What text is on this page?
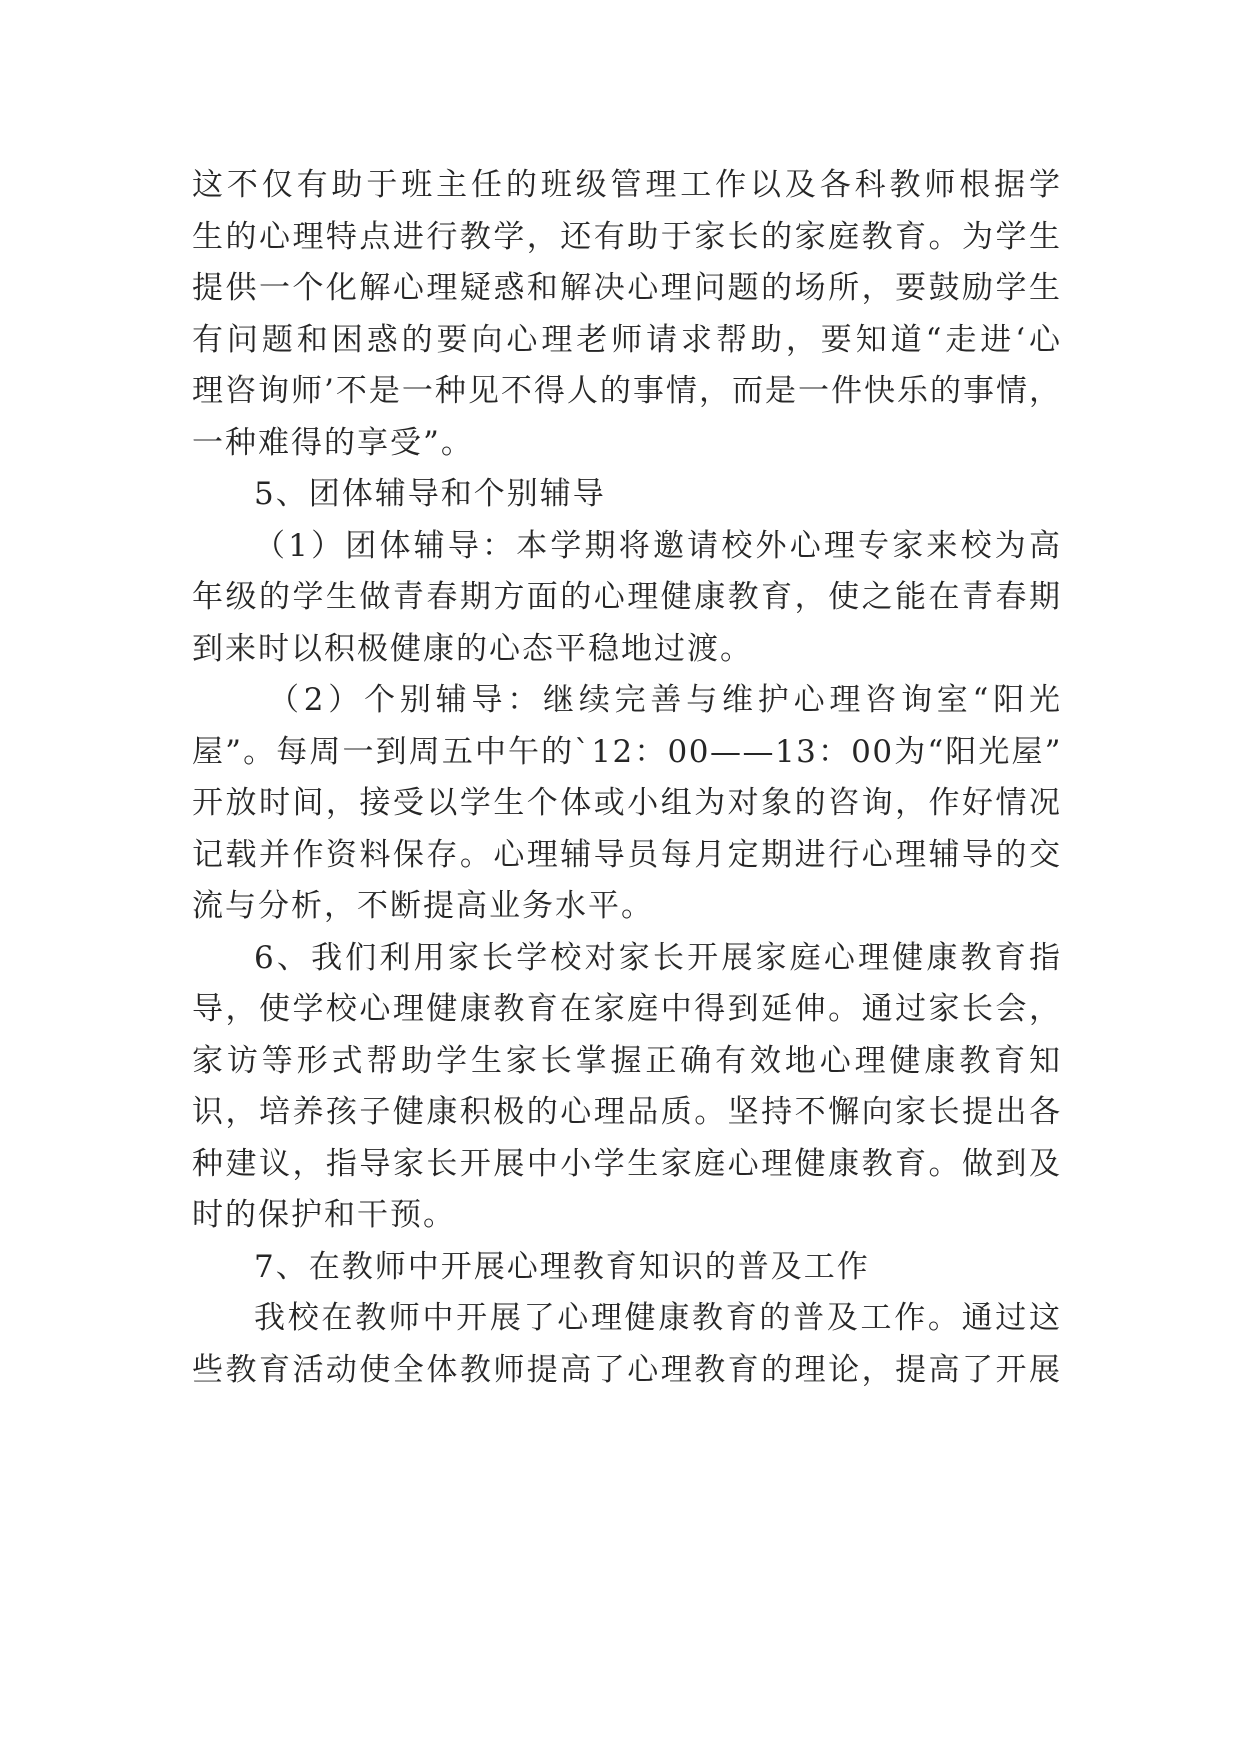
这不仅有助于班主任的班级管理工作以及各科教师根据学
生的心理特点进行教学，还有助于家长的家庭教育。为学生
提供一个化解心理疑惑和解决心理问题的场所，要鼓励学生
有问题和困惑的要向心理老师请求帮助，要知道“走进‘心
理咨询师’不是一种见不得人的事情，而是一件快乐的事情，
一种难得的享受”。
5、团体辅导和个别辅导
（1）团体辅导：本学期将邀请校外心理专家来校为高
年级的学生做青春期方面的心理健康教育，使之能在青春期
到来时以积极健康的心态平稳地过渡。
（2）个别辅导：继续完善与维护心理咨询室“阳光
屋”。每周一到周五中午的`12：00——13：00为“阳光屋”
开放时间，接受以学生个体或小组为对象的咨询，作好情况
记载并作资料保存。心理辅导员每月定期进行心理辅导的交
流与分析，不断提高业务水平。
6、我们利用家长学校对家长开展家庭心理健康教育指
导，使学校心理健康教育在家庭中得到延伸。通过家长会，
家访等形式帮助学生家长掌握正确有效地心理健康教育知
识，培养孩子健康积极的心理品质。坚持不懈向家长提出各
种建议，指导家长开展中小学生家庭心理健康教育。做到及
时的保护和干预。
7、在教师中开展心理教育知识的普及工作
我校在教师中开展了心理健康教育的普及工作。通过这
些教育活动使全体教师提高了心理教育的理论，提高了开展
